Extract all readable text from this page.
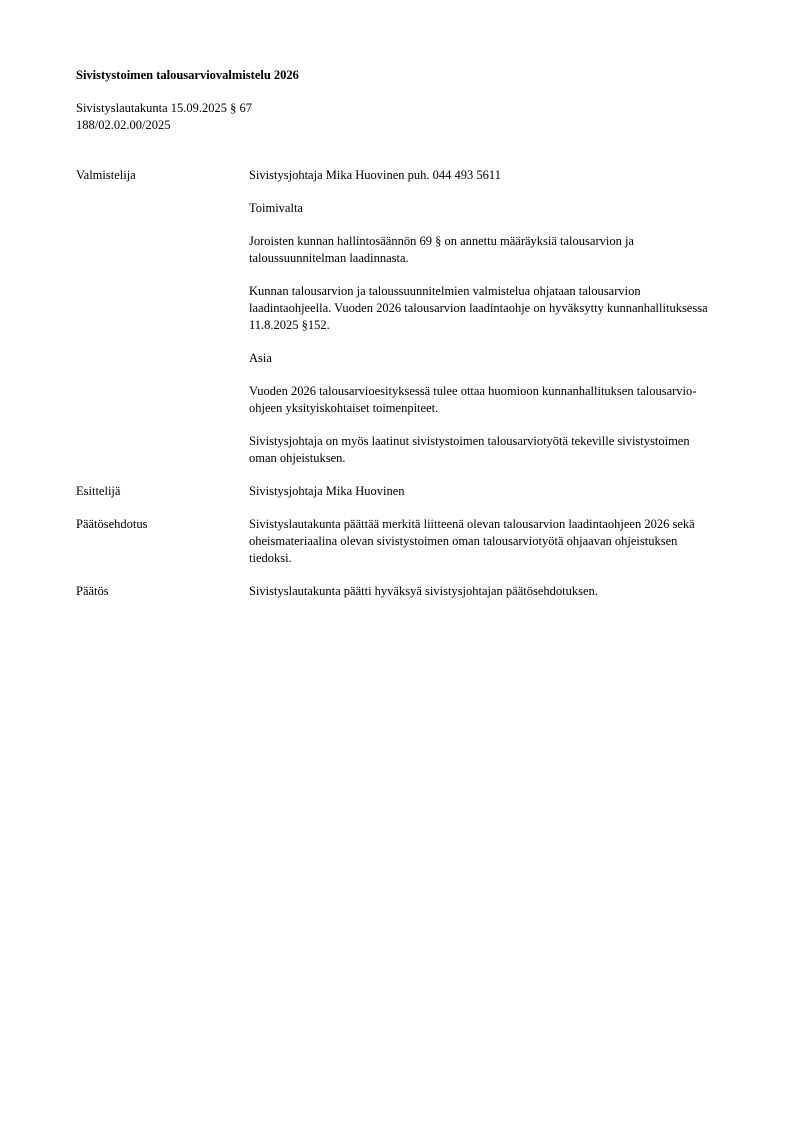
Sivistystoimen talousarviovalmistelu 2026

Sivistyslautakunta 15.09.2025 § 67

188/02.02.00/2025

Valmistelija	Sivistysjohtaja Mika Huovinen puh. 044 493 5611

Toimivalta

Joroisten kunnan hallintosäännön 69 § on annettu määräyksiä talousarvion ja taloussuunnitelman laadinnasta.

Kunnan talousarvion ja taloussuunnitelmien valmistelua ohjataan talousarvion laadintaohjeella. Vuoden 2026 talousarvion laadintaohje on hyväksytty kunnanhallituksessa 11.8.2025 §152.

Asia

Vuoden 2026 talousarvioesityksessä tulee ottaa huomioon kunnanhallituksen talousarvio-ohjeen yksityiskohtaiset toimenpiteet.

Sivistysjohtaja on myös laatinut sivistystoimen talousarviotyötä tekeville sivistystoimen oman ohjeistuksen.

Esittelijä	Sivistysjohtaja Mika Huovinen

Päätösehdotus	Sivistyslautakunta päättää merkitä liitteenä olevan talousarvion laadintaohjeen 2026 sekä oheismateriaalina olevan sivistystoimen oman talousarviotyötä ohjaavan ohjeistuksen tiedoksi.

Päätös	Sivistyslautakunta päätti hyväksyä sivistysjohtajan päätösehdotuksen.
